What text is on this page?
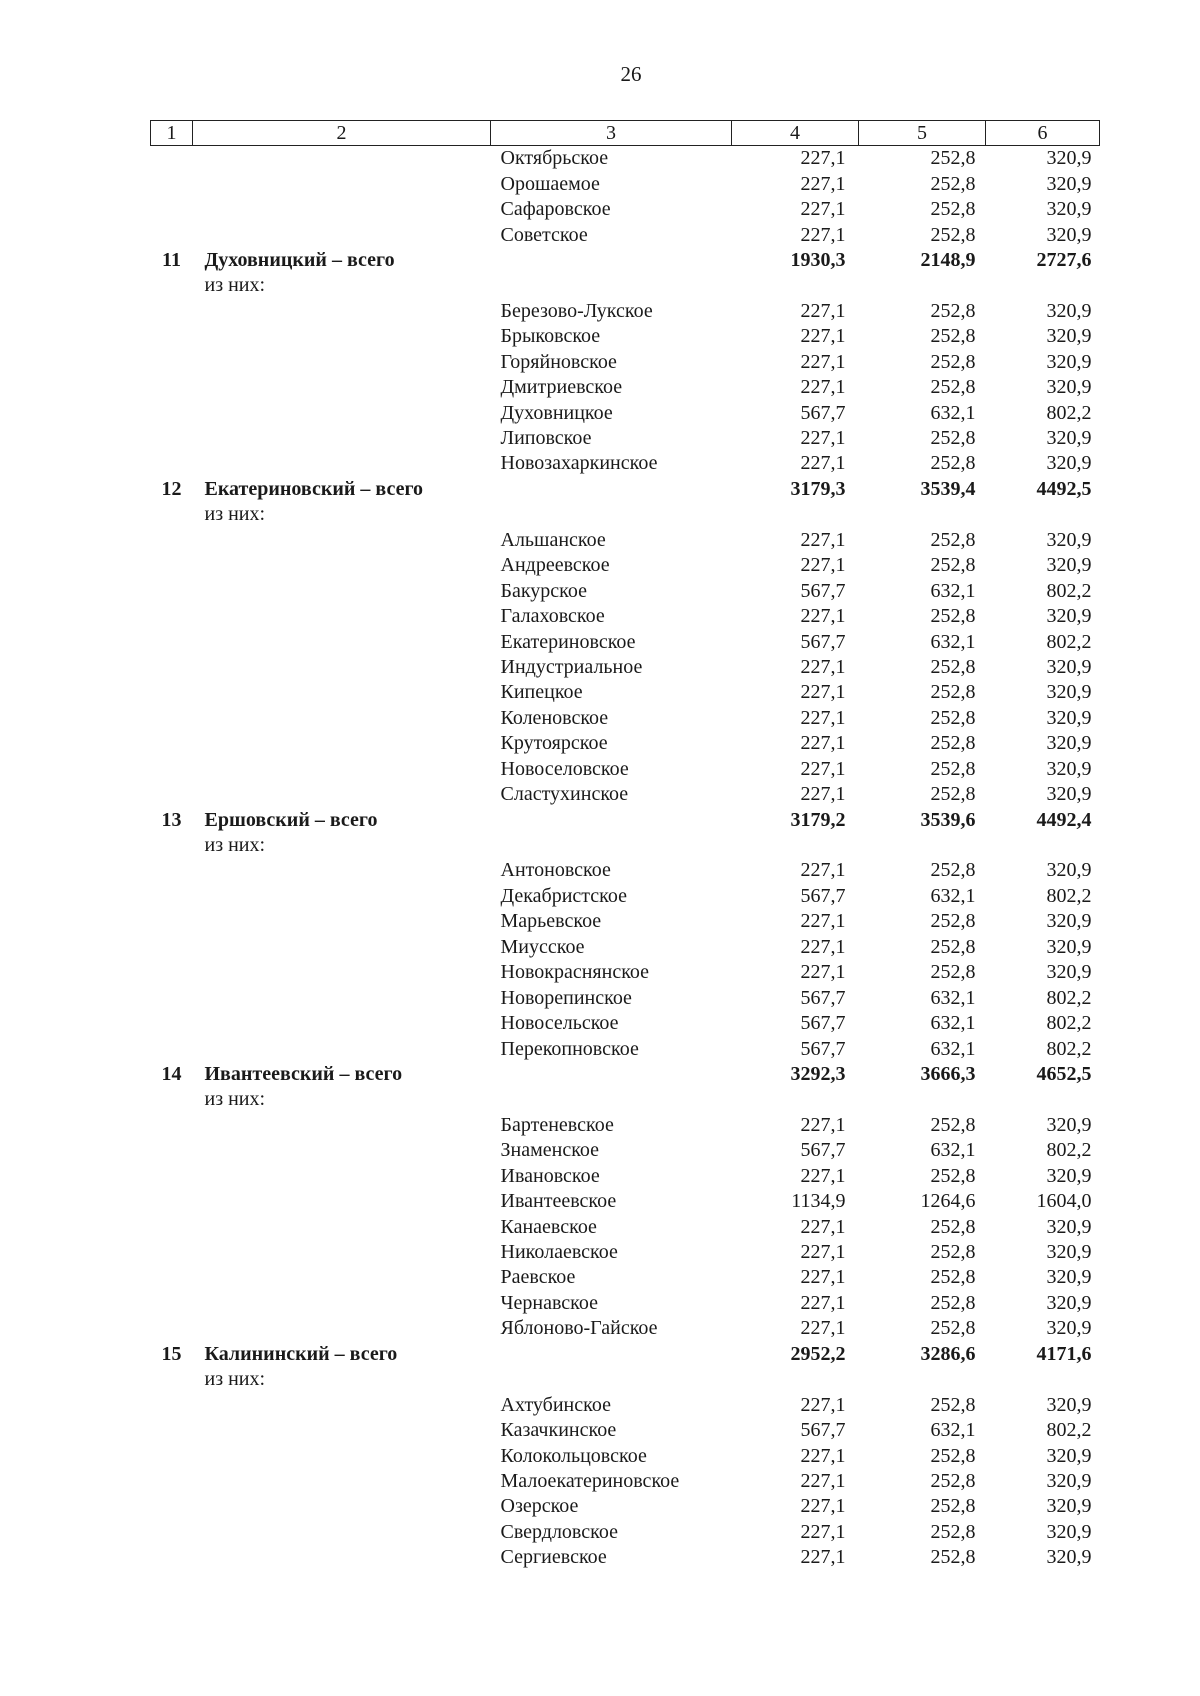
26
1	2	3	4	5	6
		Октябрьское	227,1	252,8	320,9
		Орошаемое	227,1	252,8	320,9
		Сафаровское	227,1	252,8	320,9
		Советское	227,1	252,8	320,9
11	Духовницкий – всего		1930,3	2148,9	2727,6
	из них:				
		Березово-Лукское	227,1	252,8	320,9
		Брыковское	227,1	252,8	320,9
		Горяйновское	227,1	252,8	320,9
		Дмитриевское	227,1	252,8	320,9
		Духовницкое	567,7	632,1	802,2
		Липовское	227,1	252,8	320,9
		Новозахаркинское	227,1	252,8	320,9
12	Екатериновский – всего		3179,3	3539,4	4492,5
	из них:				
		Альшанское	227,1	252,8	320,9
		Андреевское	227,1	252,8	320,9
		Бакурское	567,7	632,1	802,2
		Галаховское	227,1	252,8	320,9
		Екатериновское	567,7	632,1	802,2
		Индустриальное	227,1	252,8	320,9
		Кипецкое	227,1	252,8	320,9
		Коленовское	227,1	252,8	320,9
		Крутоярское	227,1	252,8	320,9
		Новоселовское	227,1	252,8	320,9
		Сластухинское	227,1	252,8	320,9
13	Ершовский – всего		3179,2	3539,6	4492,4
	из них:				
		Антоновское	227,1	252,8	320,9
		Декабристское	567,7	632,1	802,2
		Марьевское	227,1	252,8	320,9
		Миусское	227,1	252,8	320,9
		Новокраснянское	227,1	252,8	320,9
		Новорепинское	567,7	632,1	802,2
		Новосельское	567,7	632,1	802,2
		Перекопновское	567,7	632,1	802,2
14	Ивантеевский – всего		3292,3	3666,3	4652,5
	из них:				
		Бартеневское	227,1	252,8	320,9
		Знаменское	567,7	632,1	802,2
		Ивановское	227,1	252,8	320,9
		Ивантеевское	1134,9	1264,6	1604,0
		Канаевское	227,1	252,8	320,9
		Николаевское	227,1	252,8	320,9
		Раевское	227,1	252,8	320,9
		Чернавское	227,1	252,8	320,9
		Яблоново-Гайское	227,1	252,8	320,9
15	Калининский – всего		2952,2	3286,6	4171,6
	из них:				
		Ахтубинское	227,1	252,8	320,9
		Казачкинское	567,7	632,1	802,2
		Колокольцовское	227,1	252,8	320,9
		Малоекатериновское	227,1	252,8	320,9
		Озерское	227,1	252,8	320,9
		Свердловское	227,1	252,8	320,9
		Сергиевское	227,1	252,8	320,9
